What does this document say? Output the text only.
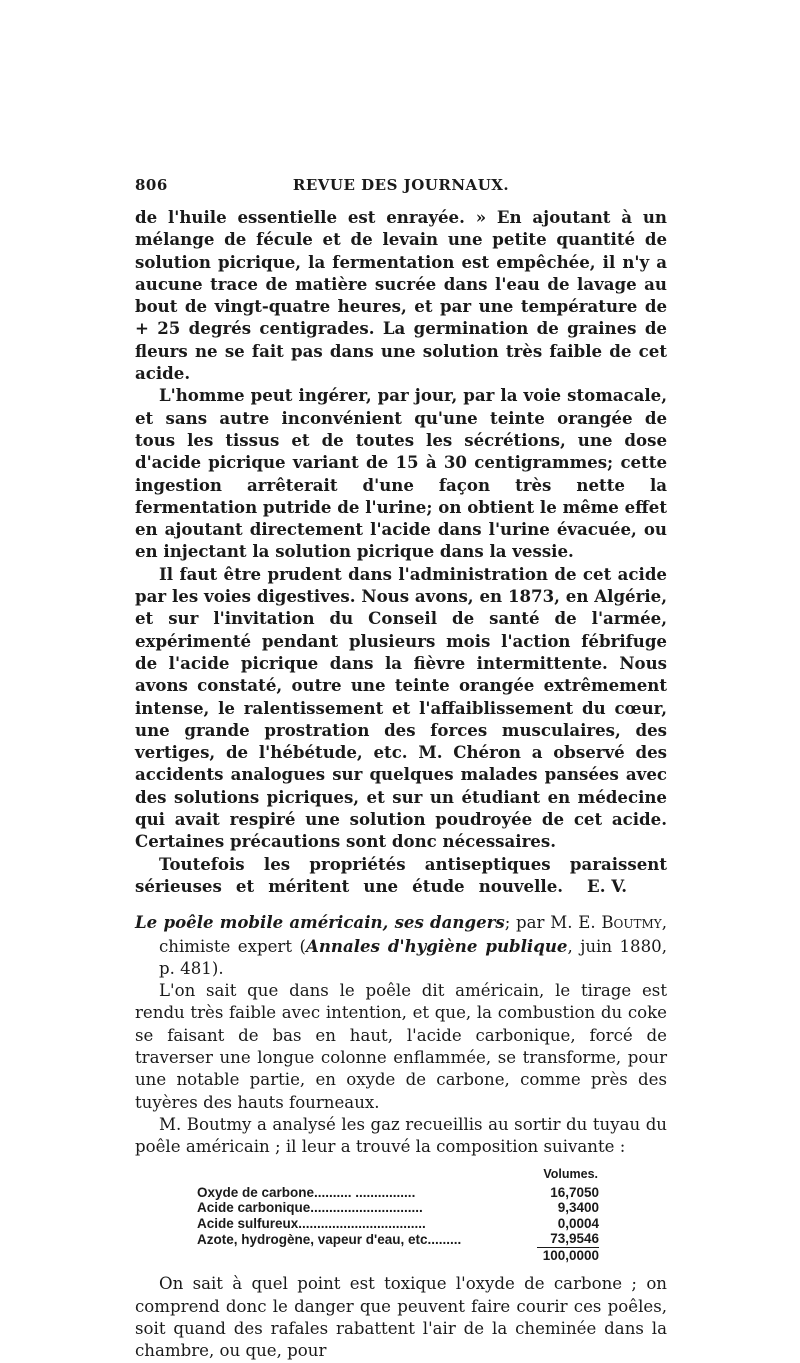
806	REVUE DES JOURNAUX.

de l'huile essentielle est enrayée. » En ajoutant à un mélange de fécule et de levain une petite quantité de solution picrique, la fermentation est empêchée, il n'y a aucune trace de matière sucrée dans l'eau de lavage au bout de vingt-quatre heures, et par une température de + 25 degrés centigrades. La germination de graines de fleurs ne se fait pas dans une solution très faible de cet acide.

L'homme peut ingérer, par jour, par la voie stomacale, et sans autre inconvénient qu'une teinte orangée de tous les tissus et de toutes les sécrétions, une dose d'acide picrique variant de 15 à 30 centigrammes; cette ingestion arrêterait d'une façon très nette la fermentation putride de l'urine; on obtient le même effet en ajoutant directement l'acide dans l'urine évacuée, ou en injectant la solution picrique dans la vessie.

Il faut être prudent dans l'administration de cet acide par les voies digestives. Nous avons, en 1873, en Algérie, et sur l'invitation du Conseil de santé de l'armée, expérimenté pendant plusieurs mois l'action fébrifuge de l'acide picrique dans la fièvre intermittente. Nous avons constaté, outre une teinte orangée extrêmement intense, le ralentissement et l'affaiblissement du cœur, une grande prostration des forces musculaires, des vertiges, de l'hébétude, etc. M. Chéron a observé des accidents analogues sur quelques malades pansées avec des solutions picriques, et sur un étudiant en médecine qui avait respiré une solution poudroyée de cet acide. Certaines précautions sont donc nécessaires.

Toutefois les propriétés antiseptiques paraissent sérieuses et méritent une étude nouvelle.	E. V.

Le poêle mobile américain, ses dangers; par M. E. Boutmy, chimiste expert (Annales d'hygiène publique, juin 1880, p. 481).

L'on sait que dans le poêle dit américain, le tirage est rendu très faible avec intention, et que, la combustion du coke se faisant de bas en haut, l'acide carbonique, forcé de traverser une longue colonne enflammée, se transforme, pour une notable partie, en oxyde de carbone, comme près des tuyères des hauts fourneaux.

M. Boutmy a analysé les gaz recueillis au sortir du tuyau du poêle américain ; il leur a trouvé la composition suivante :

	Volumes.
Oxyde de carbone.......... ................	16,7050
Acide carbonique..............................	9,3400
Acide sulfureux..................................	0,0004
Azote, hydrogène, vapeur d'eau, etc.........	73,9546
	100,0000

On sait à quel point est toxique l'oxyde de carbone ; on comprend donc le danger que peuvent faire courir ces poêles, soit quand des rafales rabattent l'air de la cheminée dans la chambre, ou que, pour
